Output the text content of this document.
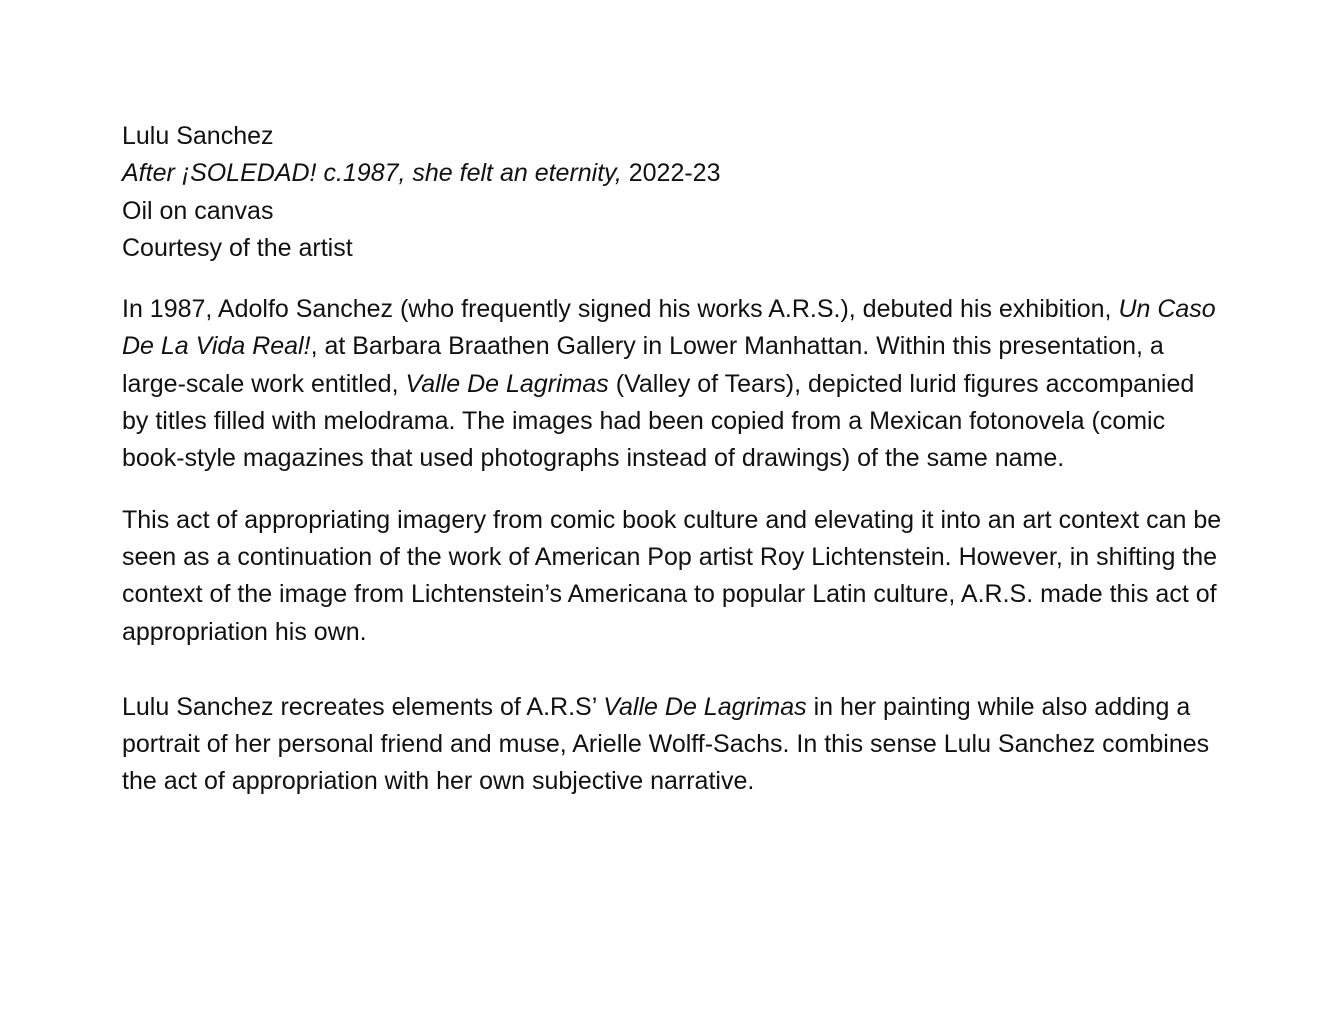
Lulu Sanchez
After ¡SOLEDAD! c.1987, she felt an eternity, 2022-23
Oil on canvas
Courtesy of the artist

In 1987, Adolfo Sanchez (who frequently signed his works A.R.S.), debuted his exhibition, Un Caso De La Vida Real!, at Barbara Braathen Gallery in Lower Manhattan. Within this presentation, a large-scale work entitled, Valle De Lagrimas (Valley of Tears), depicted lurid figures accompanied by titles filled with melodrama. The images had been copied from a Mexican fotonovela (comic book-style magazines that used photographs instead of drawings) of the same name.

This act of appropriating imagery from comic book culture and elevating it into an art context can be seen as a continuation of the work of American Pop artist Roy Lichtenstein. However, in shifting the context of the image from Lichtenstein’s Americana to popular Latin culture, A.R.S. made this act of appropriation his own.

Lulu Sanchez recreates elements of A.R.S’ Valle De Lagrimas in her painting while also adding a portrait of her personal friend and muse, Arielle Wolff-Sachs. In this sense Lulu Sanchez combines the act of appropriation with her own subjective narrative.
